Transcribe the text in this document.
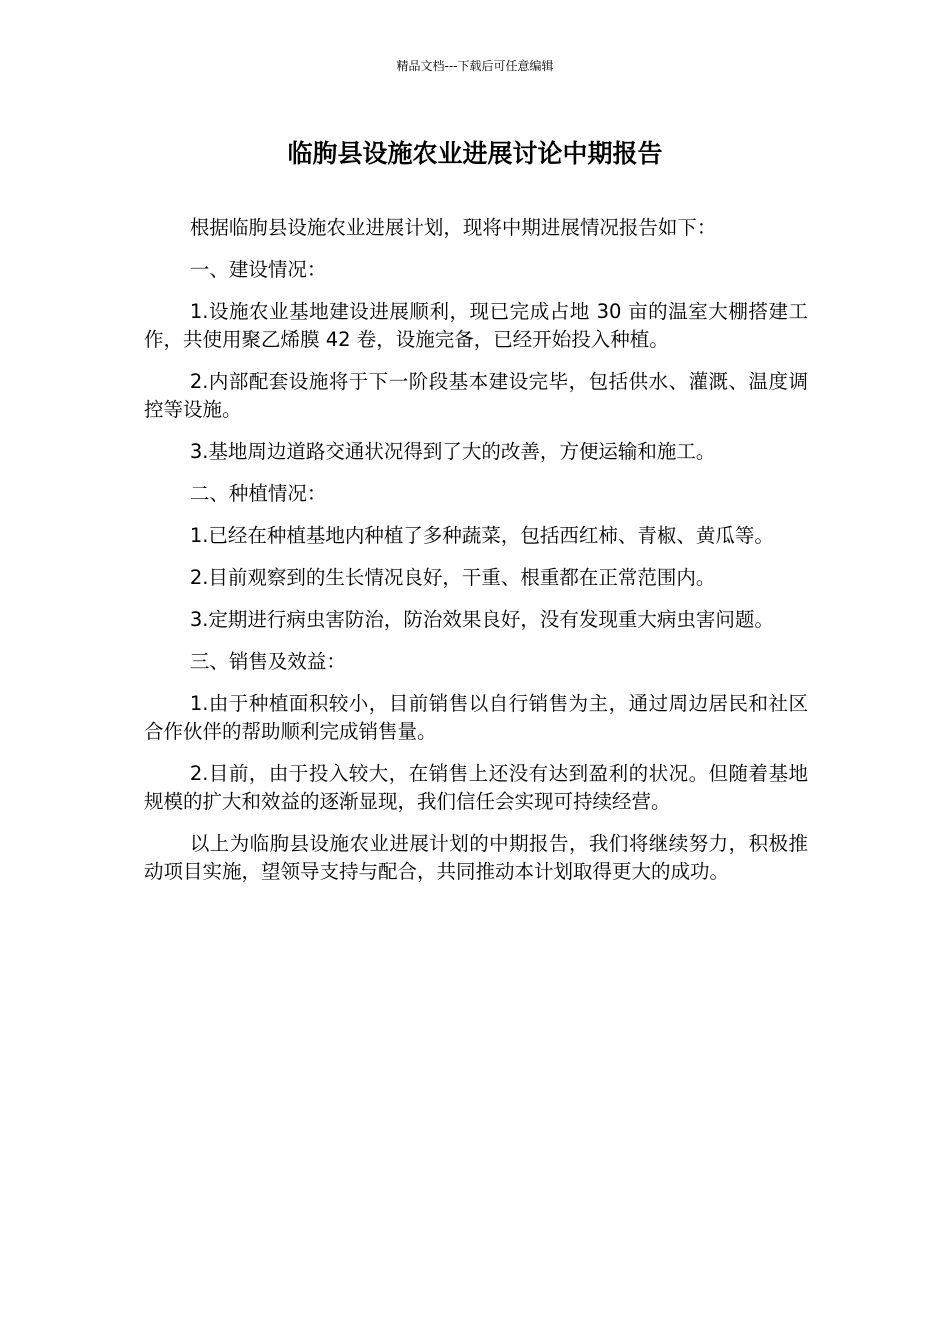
精品文档---下载后可任意编辑
临朐县设施农业进展讨论中期报告

根据临朐县设施农业进展计划，现将中期进展情况报告如下：

一、建设情况：

1.设施农业基地建设进展顺利，现已完成占地 30 亩的温室大棚搭建工作，共使用聚乙烯膜 42 卷，设施完备，已经开始投入种植。

2.内部配套设施将于下一阶段基本建设完毕，包括供水、灌溉、温度调控等设施。

3.基地周边道路交通状况得到了大的改善，方便运输和施工。

二、种植情况：

1.已经在种植基地内种植了多种蔬菜，包括西红柿、青椒、黄瓜等。

2.目前观察到的生长情况良好，干重、根重都在正常范围内。

3.定期进行病虫害防治，防治效果良好，没有发现重大病虫害问题。

三、销售及效益：

1.由于种植面积较小，目前销售以自行销售为主，通过周边居民和社区合作伙伴的帮助顺利完成销售量。

2.目前，由于投入较大，在销售上还没有达到盈利的状况。但随着基地规模的扩大和效益的逐渐显现，我们信任会实现可持续经营。

以上为临朐县设施农业进展计划的中期报告，我们将继续努力，积极推动项目实施，望领导支持与配合，共同推动本计划取得更大的成功。
